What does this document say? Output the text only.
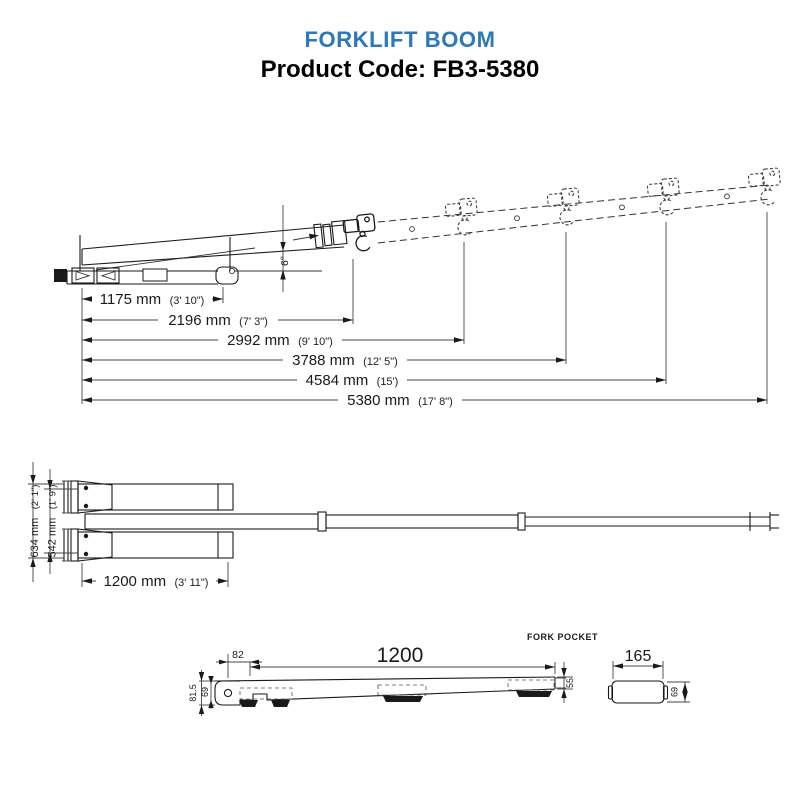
FORKLIFT BOOM
Product Code: FB3-5380
6°
1175 mm (3' 10")
2196 mm (7' 3")
2992 mm (9' 10")
3788 mm (12' 5")
4584 mm (15')
5380 mm (17' 8")
634 mm (2' 1")
542 mm (1' 9")
1200 mm (3' 11")
FORK POCKET
1200
82
81.5 69
55
165
69
